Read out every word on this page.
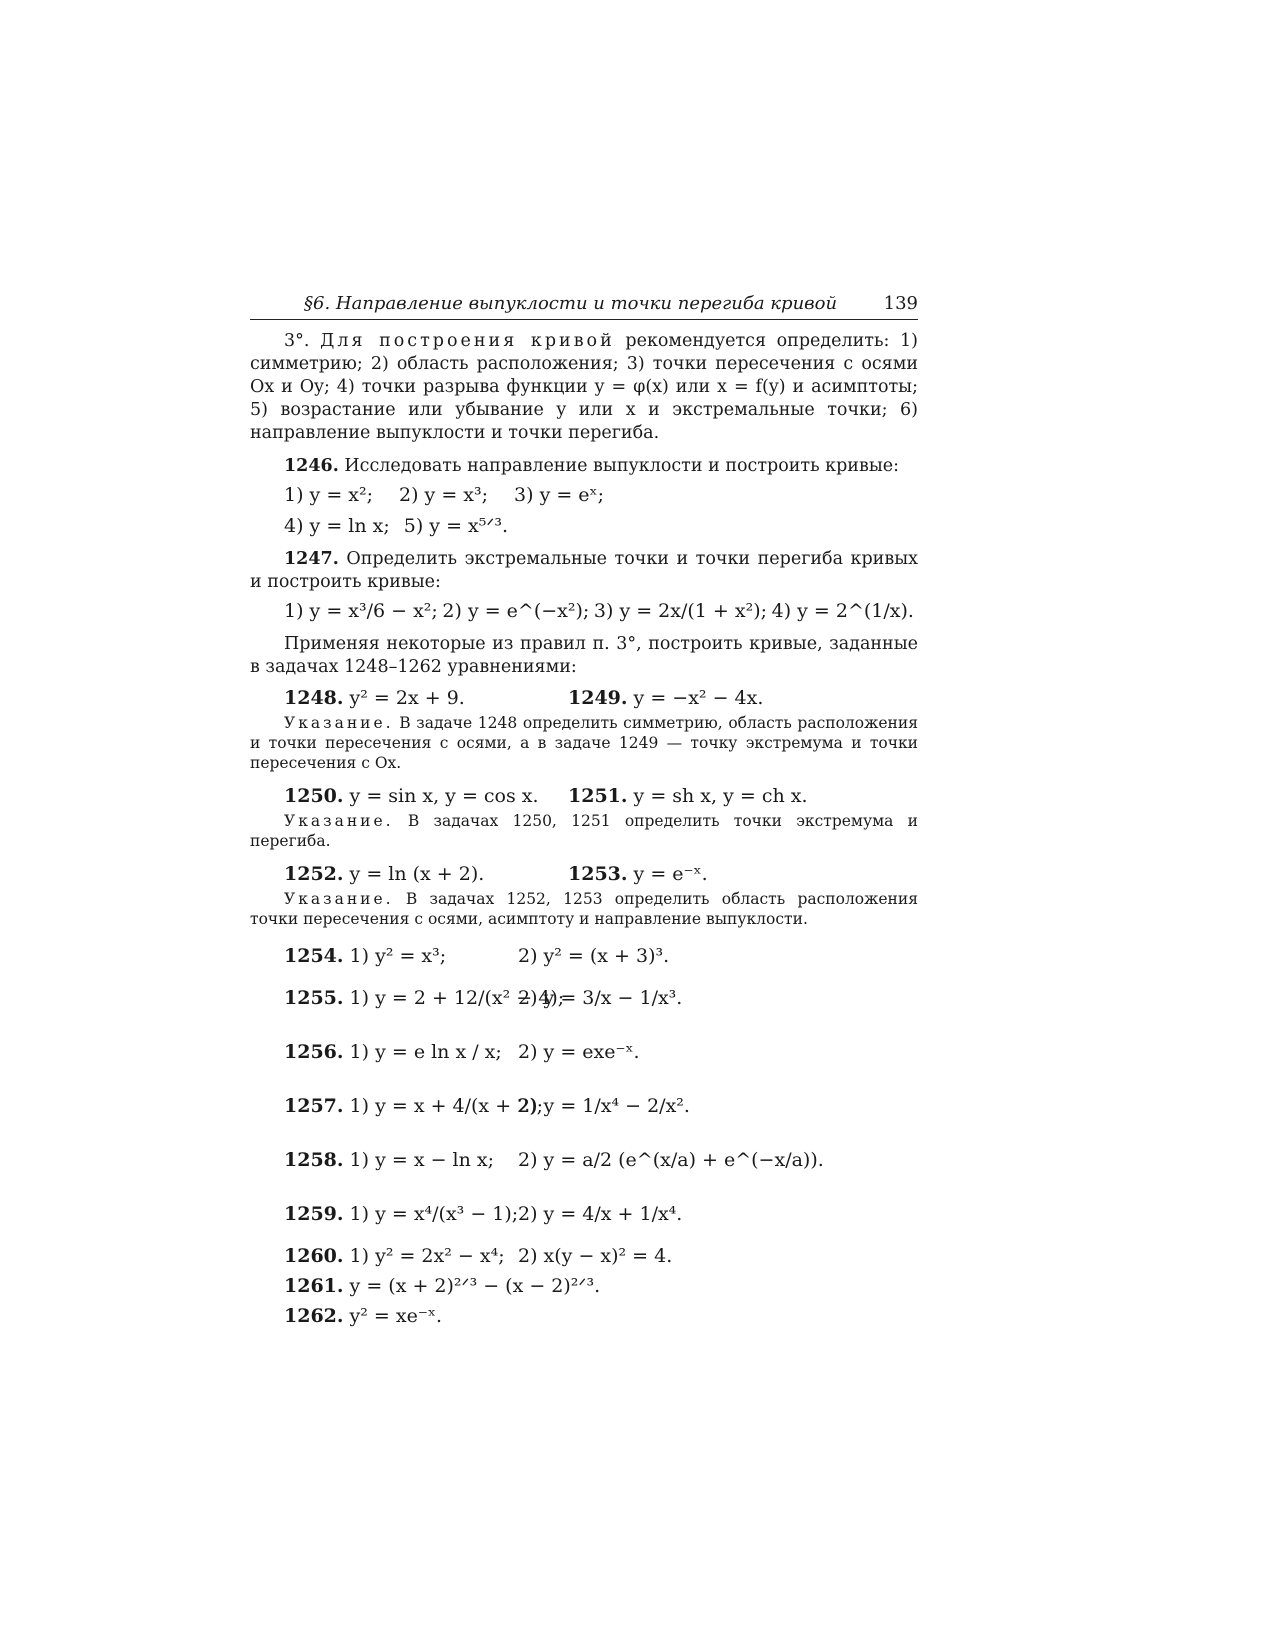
§6. Направление выпуклости и точки перегиба кривой	139

3°. Для построения кривой рекомендуется определить: 1) симметрию; 2) область расположения; 3) точки пересечения с осями Ox и Oy; 4) точки разрыва функции y = φ(x) или x = f(y) и асимптоты; 5) возрастание или убывание y или x и экстремальные точки; 6) направление выпуклости и точки перегиба.

1246. Исследовать направление выпуклости и построить кривые:

1) y = x²; 2) y = x³; 3) y = eˣ;
4) y = ln x; 5) y = x⁵ᐟ³.

1247. Определить экстремальные точки и точки перегиба кривых и построить кривые:

1) y = x³/6 − x²; 2) y = e^(−x²); 3) y = 2x/(1 + x²); 4) y = 2^(1/x).

Применяя некоторые из правил п. 3°, построить кривые, заданные в задачах 1248–1262 уравнениями:

1248.
y² = 2x + 9.	1249.
y = −x² − 4x.

Указание. В задаче 1248 определить симметрию, область расположения и точки пересечения с осями, а в задаче 1249 — точку экстремума и точки пересечения с Ox.

1250.
y = sin x, y = cos x. 1251.
y = sh x, y = ch x.

Указание. В задачах 1250, 1251 определить точки экстремума и перегиба.

1252.
y = ln (x + 2).	1253.
y = e⁻ˣ.

Указание. В задачах 1252, 1253 определить область расположения точки пересечения с осями, асимптоту и направление выпуклости.

1254.
1) y² = x³;	2) y² = (x + 3)³.
1255.
1) y = 2 + 12/(x² − 4);
2) y = 3/x − 1/x³.
1256.
1) y = e ln x / x; 2) y = exe⁻ˣ.
1257.
1) y = x + 4/(x + 2);
2) y = 1/x⁴ − 2/x².
1258.
1) y = x − ln x; 2) y = a/2 (e^(x/a) + e^(−x/a)).
1259.
1) y = x⁴/(x³ − 1); 2) y = 4/x + 1/x⁴.
1260.
1) y² = 2x² − x⁴; 2) x(y − x)² = 4.
1261.
y = (x + 2)²ᐟ³ − (x − 2)²ᐟ³.
1262.
y² = xe⁻ˣ.
